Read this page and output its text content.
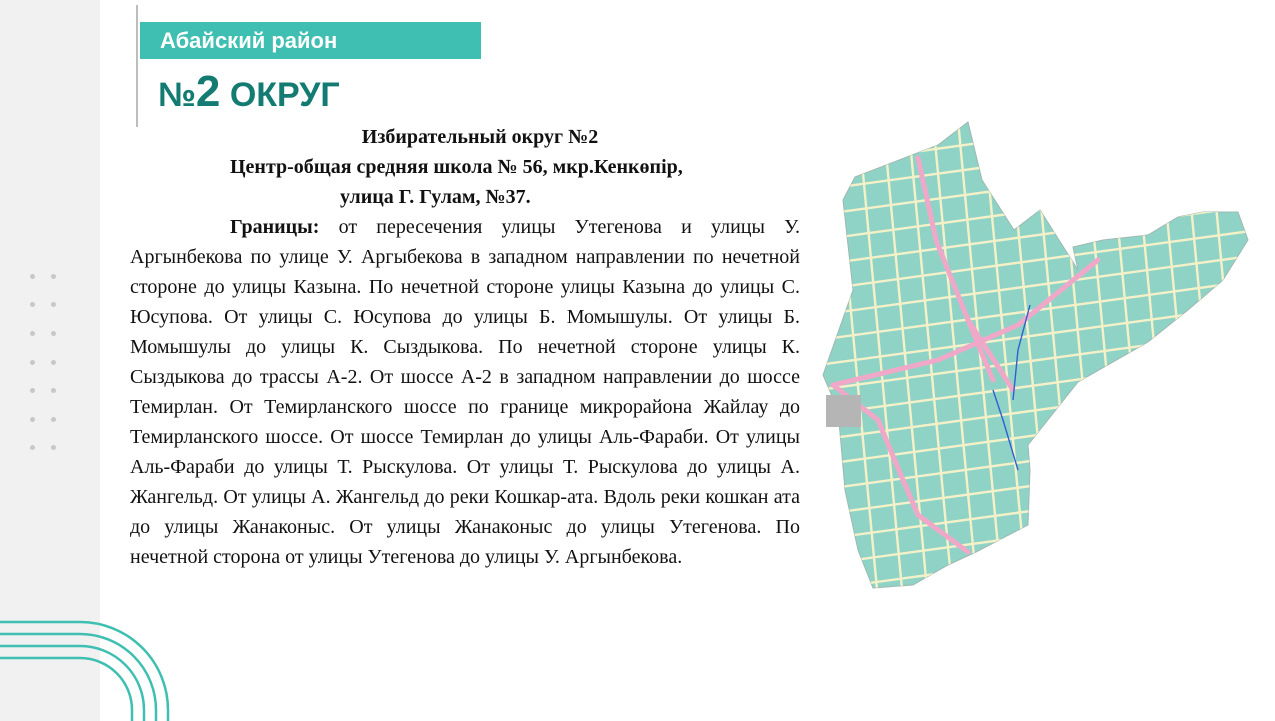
Абайский район
№2 ОКРУГ
Избирательный округ №2
Центр-общая средняя школа № 56, мкр.Кенкөпір,
улица Г. Гулам, №37.

Границы: от пересечения улицы Утегенова и улицы У. Аргынбекова по улице У. Аргыбекова в западном направлении по нечетной стороне до улицы Казына. По нечетной стороне улицы Казына до улицы С. Юсупова. От улицы С. Юсупова до улицы Б. Момышулы. От улицы Б. Момышулы до улицы К. Сыздыкова. По нечетной стороне улицы К. Сыздыкова до трассы А-2. От шоссе А-2 в западном направлении до шоссе Темирлан. От Темирланского шоссе по границе микрорайона Жайлау до Темирланского шоссе. От шоссе Темирлан до улицы Аль-Фараби. От улицы Аль-Фараби до улицы Т. Рыскулова. От улицы Т. Рыскулова до улицы А. Жангельд. От улицы А. Жангельд до реки Кошкар-ата. Вдоль реки кошкан ата до улицы Жанаконыс. От улицы Жанаконыс до улицы Утегенова. По нечетной сторона от улицы Утегенова до улицы У. Аргынбекова.
